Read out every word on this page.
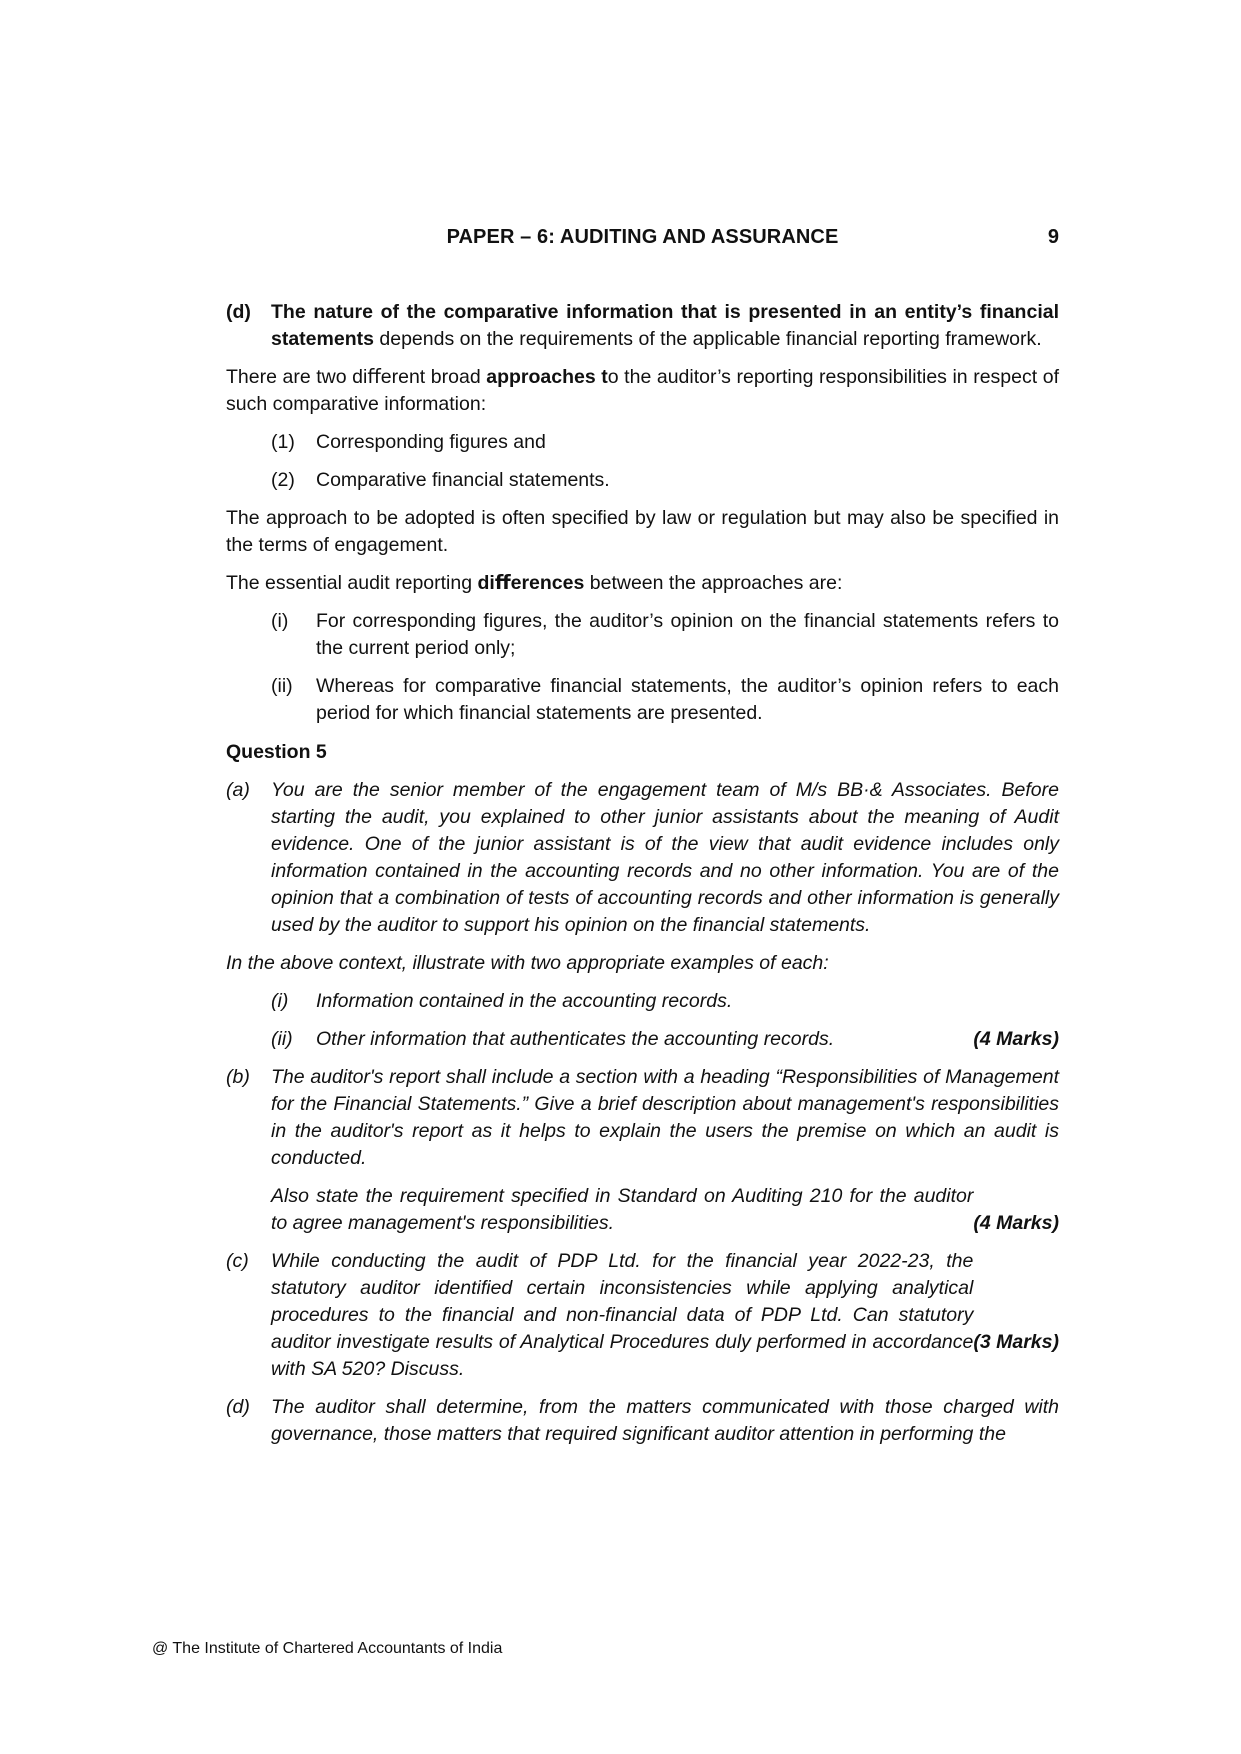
PAPER – 6: AUDITING AND ASSURANCE	9
(d)	The nature of the comparative information that is presented in an entity’s financial statements depends on the requirements of the applicable financial reporting framework.

There are two diﬀerent broad approaches to the auditor’s reporting responsibilities in respect of such comparative information:

(1)	Corresponding figures and
(2)	Comparative financial statements.

The approach to be adopted is often specified by law or regulation but may also be specified in the terms of engagement.

The essential audit reporting diﬀerences between the approaches are:

(i)	For corresponding figures, the auditor’s opinion on the financial statements refers to the current period only;
(ii)	Whereas for comparative financial statements, the auditor’s opinion refers to each period for which financial statements are presented.
Question 5
(a)	You are the senior member of the engagement team of M/s BB·& Associates. Before starting the audit, you explained to other junior assistants about the meaning of Audit evidence. One of the junior assistant is of the view that audit evidence includes only information contained in the accounting records and no other information. You are of the opinion that a combination of tests of accounting records and other information is generally used by the auditor to support his opinion on the financial statements.

In the above context, illustrate with two appropriate examples of each:

(i)	Information contained in the accounting records.
(ii)	(4 Marks)
Other information that authenticates the accounting records.
(b)	The auditor's report shall include a section with a heading “Responsibilities of Management for the Financial Statements.” Give a brief description about management's responsibilities in the auditor's report as it helps to explain the users the premise on which an audit is conducted.
(4 Marks)
Also state the requirement specified in Standard on Auditing 210 for the auditor to agree management's responsibilities.
(c)
(3 Marks)
While conducting the audit of PDP Ltd. for the financial year 2022-23, the statutory auditor identified certain inconsistencies while applying analytical procedures to the financial and non-financial data of PDP Ltd. Can statutory auditor investigate results of Analytical Procedures duly performed in accordance with SA 520? Discuss.
(d)	The auditor shall determine, from the matters communicated with those charged with governance, those matters that required significant auditor attention in performing the
@ The Institute of Chartered Accountants of India
